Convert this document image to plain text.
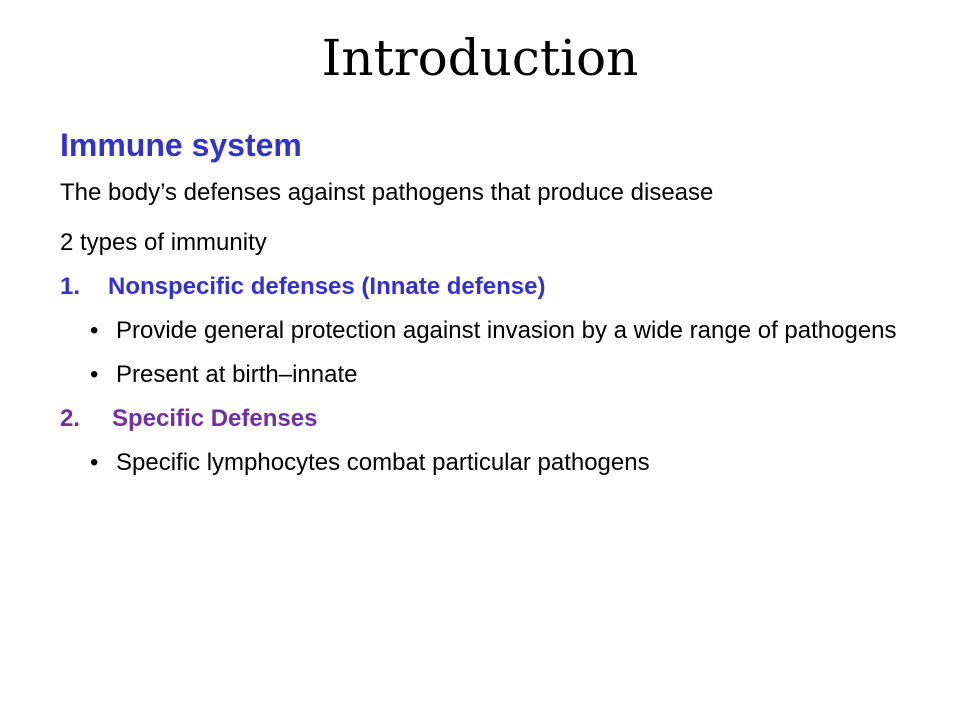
Introduction
Immune system
The body’s defenses against pathogens that produce disease
2 types of immunity
1.	Nonspecific defenses (Innate defense)
• Provide general protection against invasion by a wide range of pathogens
• Present at birth–innate
2.	Specific Defenses
• Specific lymphocytes combat particular pathogens
